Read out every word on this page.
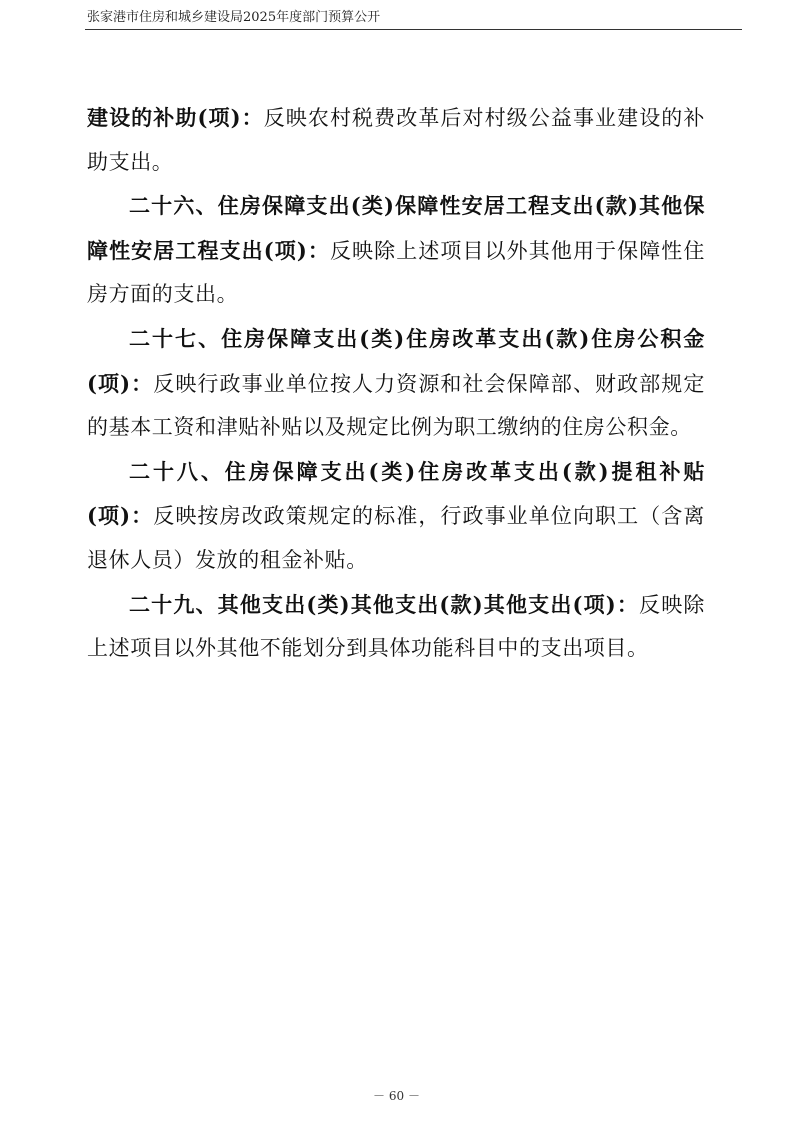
张家港市住房和城乡建设局2025年度部门预算公开

建设的补助(项)：反映农村税费改革后对村级公益事业建设的补助支出。

二十六、住房保障支出(类)保障性安居工程支出(款)其他保障性安居工程支出(项)：反映除上述项目以外其他用于保障性住房方面的支出。

二十七、住房保障支出(类)住房改革支出(款)住房公积金(项)：反映行政事业单位按人力资源和社会保障部、财政部规定的基本工资和津贴补贴以及规定比例为职工缴纳的住房公积金。

二十八、住房保障支出(类)住房改革支出(款)提租补贴(项)：反映按房改政策规定的标准，行政事业单位向职工（含离退休人员）发放的租金补贴。

二十九、其他支出(类)其他支出(款)其他支出(项)：反映除上述项目以外其他不能划分到具体功能科目中的支出项目。

－ 60 －
